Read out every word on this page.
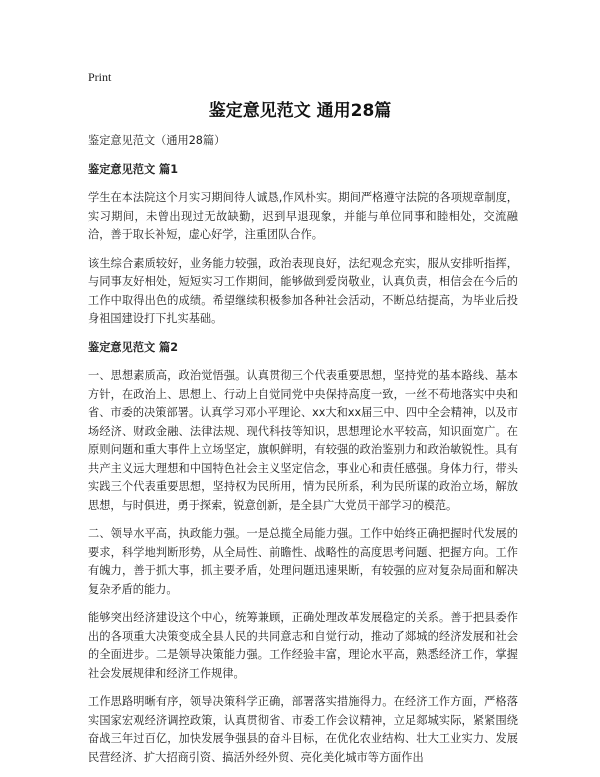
Print
鉴定意见范文 通用28篇

鉴定意见范文（通用28篇）

鉴定意见范文 篇1

学生在本法院这个月实习期间待人诚恳,作风朴实。期间严格遵守法院的各项规章制度，实习期间，未曾出现过无故缺勤，迟到早退现象，并能与单位同事和睦相处，交流融洽，善于取长补短，虚心好学，注重团队合作。

该生综合素质较好，业务能力较强，政治表现良好，法纪观念充实，服从安排听指挥，与同事友好相处，短短实习工作期间，能够做到爱岗敬业，认真负责，相信会在今后的工作中取得出色的成绩。希望继续积极参加各种社会活动，不断总结提高，为毕业后投身祖国建设打下扎实基础。

鉴定意见范文 篇2

一、思想素质高，政治觉悟强。认真贯彻三个代表重要思想，坚持党的基本路线、基本方针，在政治上、思想上、行动上自觉同党中央保持高度一致，一丝不苟地落实中央和省、市委的决策部署。认真学习邓小平理论、xx大和xx届三中、四中全会精神，以及市场经济、财政金融、法律法规、现代科技等知识，思想理论水平较高，知识面宽广。在原则问题和重大事件上立场坚定，旗帜鲜明，有较强的政治鉴别力和政治敏锐性。具有共产主义远大理想和中国特色社会主义坚定信念，事业心和责任感强。身体力行，带头实践三个代表重要思想，坚持权为民所用，情为民所系，利为民所谋的政治立场，解放思想，与时俱进，勇于探索，锐意创新，是全县广大党员干部学习的模范。

二、领导水平高，执政能力强。一是总揽全局能力强。工作中始终正确把握时代发展的要求，科学地判断形势，从全局性、前瞻性、战略性的高度思考问题、把握方向。工作有魄力，善于抓大事，抓主要矛盾，处理问题迅速果断，有较强的应对复杂局面和解决复杂矛盾的能力。

能够突出经济建设这个中心，统筹兼顾，正确处理改革发展稳定的关系。善于把县委作出的各项重大决策变成全县人民的共同意志和自觉行动，推动了郯城的经济发展和社会的全面进步。二是领导决策能力强。工作经验丰富，理论水平高，熟悉经济工作，掌握社会发展规律和经济工作规律。

工作思路明晰有序，领导决策科学正确，部署落实措施得力。在经济工作方面，严格落实国家宏观经济调控政策，认真贯彻省、市委工作会议精神，立足郯城实际，紧紧围绕奋战三年过百亿，加快发展争强县的奋斗目标，在优化农业结构、壮大工业实力、发展民营经济、扩大招商引资、搞活外经外贸、亮化美化城市等方面作出
